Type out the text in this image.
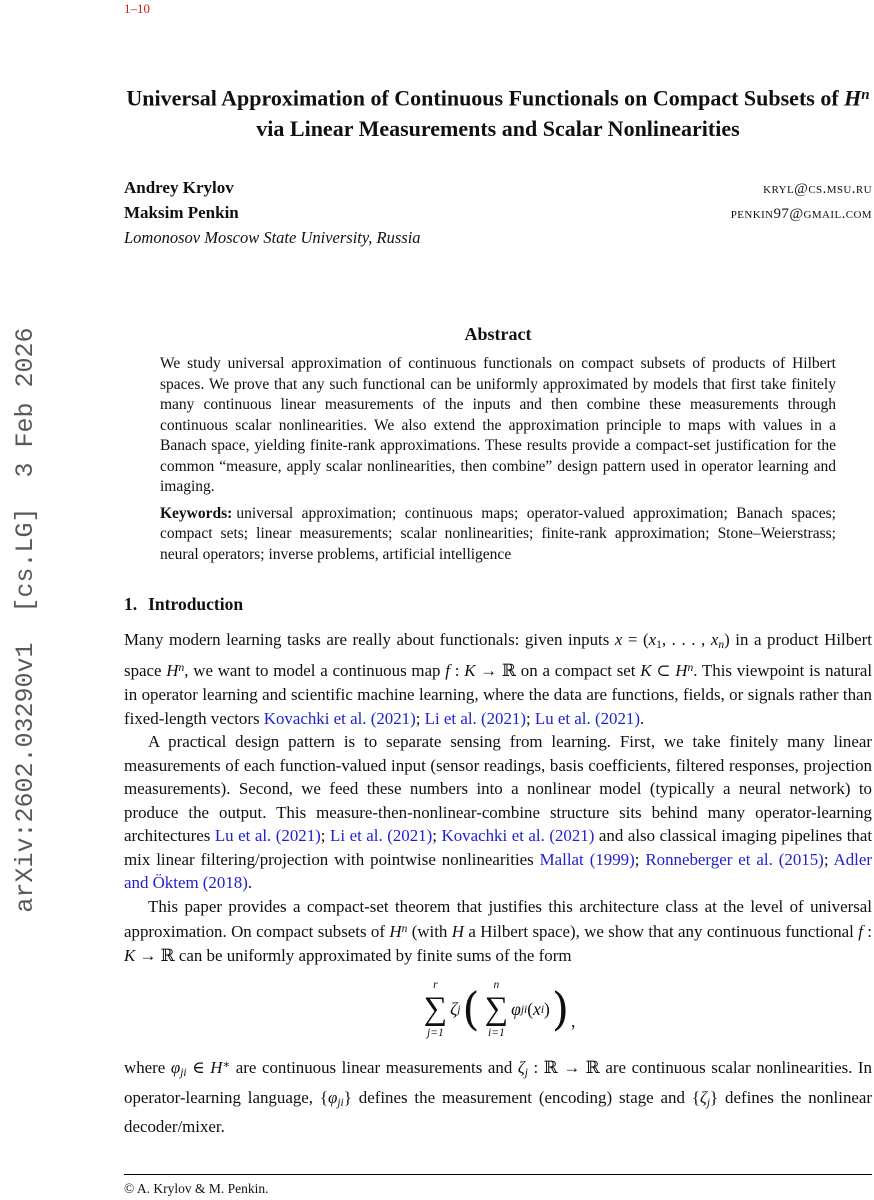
1–10
arXiv:2602.03290v1  [cs.LG]  3 Feb 2026
Universal Approximation of Continuous Functionals on Compact Subsets of $H^n$ via Linear Measurements and Scalar Nonlinearities
Andrey Krylov	kryl@cs.msu.ru
Maksim Penkin	penkin97@gmail.com
Lomonosov Moscow State University, Russia
Abstract

We study universal approximation of continuous functionals on compact subsets of products of Hilbert spaces. We prove that any such functional can be uniformly approximated by models that first take finitely many continuous linear measurements of the inputs and then combine these measurements through continuous scalar nonlinearities. We also extend the approximation principle to maps with values in a Banach space, yielding finite-rank approximations. These results provide a compact-set justification for the common “measure, apply scalar nonlinearities, then combine” design pattern used in operator learning and imaging.

Keywords: universal approximation; continuous maps; operator-valued approximation; Banach spaces; compact sets; linear measurements; scalar nonlinearities; finite-rank approximation; Stone–Weierstrass; neural operators; inverse problems, artificial intelligence

1. Introduction

Many modern learning tasks are really about functionals: given inputs x = (x1, . . . , xn) in a product Hilbert space $H^n$, we want to model a continuous map f : K → ℝ on a compact set K ⊂ $H^n$. This viewpoint is natural in operator learning and scientific machine learning, where the data are functions, fields, or signals rather than fixed-length vectors Kovachki et al. (2021); Li et al. (2021); Lu et al. (2021).

A practical design pattern is to separate sensing from learning. First, we take finitely many linear measurements of each function-valued input (sensor readings, basis coefficients, filtered responses, projection measurements). Second, we feed these numbers into a nonlinear model (typically a neural network) to produce the output. This measure-then-nonlinear-combine structure sits behind many operator-learning architectures Lu et al. (2021); Li et al. (2021); Kovachki et al. (2021) and also classical imaging pipelines that mix linear filtering/projection with pointwise nonlinearities Mallat (1999); Ronneberger et al. (2015); Adler and Öktem (2018).

This paper provides a compact-set theorem that justifies this architecture class at the level of universal approximation. On compact subsets of $H^n$ (with H a Hilbert space), we show that any continuous functional f : K → ℝ can be uniformly approximated by finite sums of the form

r
∑
j=1
ζ j ( n
∑
i=1
φ ji ( x i ) ) ,

where φji ∈ H∗ are continuous linear measurements and ζj : ℝ → ℝ are continuous scalar nonlinearities. In operator-learning language, {φji} defines the measurement (encoding) stage and {ζj} defines the nonlinear decoder/mixer.

© A. Krylov & M. Penkin.
